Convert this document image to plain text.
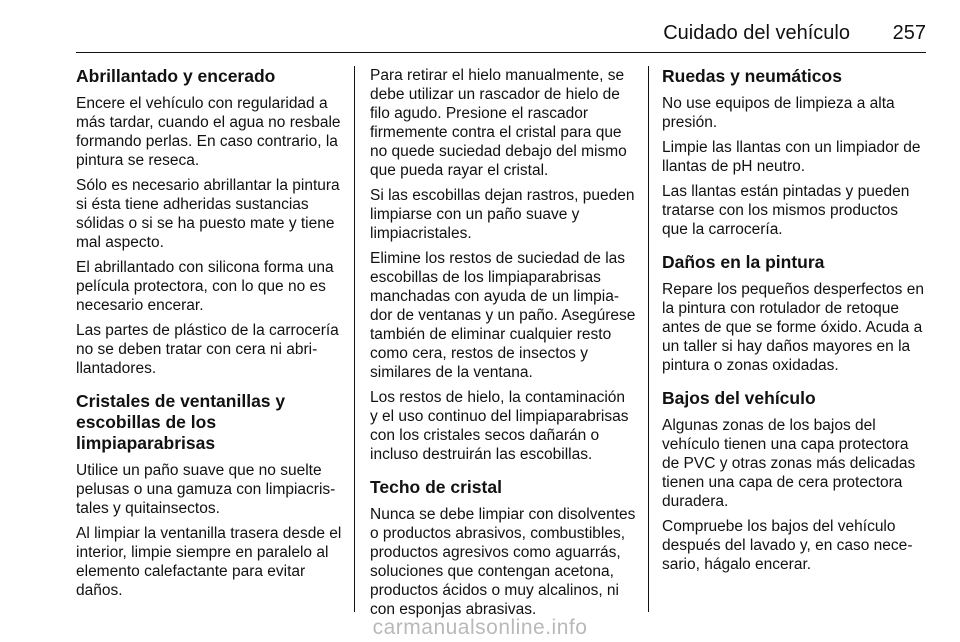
Cuidado del vehículo 257
Abrillantado y encerado

Encere el vehículo con regularidad a más tardar, cuando el agua no resbale formando perlas. En caso contrario, la pintura se reseca.

Sólo es necesario abrillantar la pintura si ésta tiene adheridas sustancias sólidas o si se ha puesto mate y tiene mal aspecto.

El abrillantado con silicona forma una película protectora, con lo que no es necesario encerar.

Las partes de plástico de la carrocería no se deben tratar con cera ni abrillantadores.

Cristales de ventanillas y escobillas de los limpiaparabrisas

Utilice un paño suave que no suelte pelusas o una gamuza con limpiacristales y quitainsectos.

Al limpiar la ventanilla trasera desde el interior, limpie siempre en paralelo al elemento calefactante para evitar daños.

Para retirar el hielo manualmente, se debe utilizar un rascador de hielo de filo agudo. Presione el rascador firmemente contra el cristal para que no quede suciedad debajo del mismo que pueda rayar el cristal.

Si las escobillas dejan rastros, pueden limpiarse con un paño suave y limpiacristales.

Elimine los restos de suciedad de las escobillas de los limpiaparabrisas manchadas con ayuda de un limpiador de ventanas y un paño. Asegúrese también de eliminar cualquier resto como cera, restos de insectos y similares de la ventana.

Los restos de hielo, la contaminación y el uso continuo del limpiaparabrisas con los cristales secos dañarán o incluso destruirán las escobillas.

Techo de cristal

Nunca se debe limpiar con disolventes o productos abrasivos, combustibles, productos agresivos como aguarrás, soluciones que contengan acetona, productos ácidos o muy alcalinos, ni con esponjas abrasivas.

Ruedas y neumáticos

No use equipos de limpieza a alta presión.

Limpie las llantas con un limpiador de llantas de pH neutro.

Las llantas están pintadas y pueden tratarse con los mismos productos que la carrocería.

Daños en la pintura

Repare los pequeños desperfectos en la pintura con rotulador de retoque antes de que se forme óxido. Acuda a un taller si hay daños mayores en la pintura o zonas oxidadas.

Bajos del vehículo

Algunas zonas de los bajos del vehículo tienen una capa protectora de PVC y otras zonas más delicadas tienen una capa de cera protectora duradera.

Compruebe los bajos del vehículo después del lavado y, en caso necesario, hágalo encerar.

carmanualsonline.info
